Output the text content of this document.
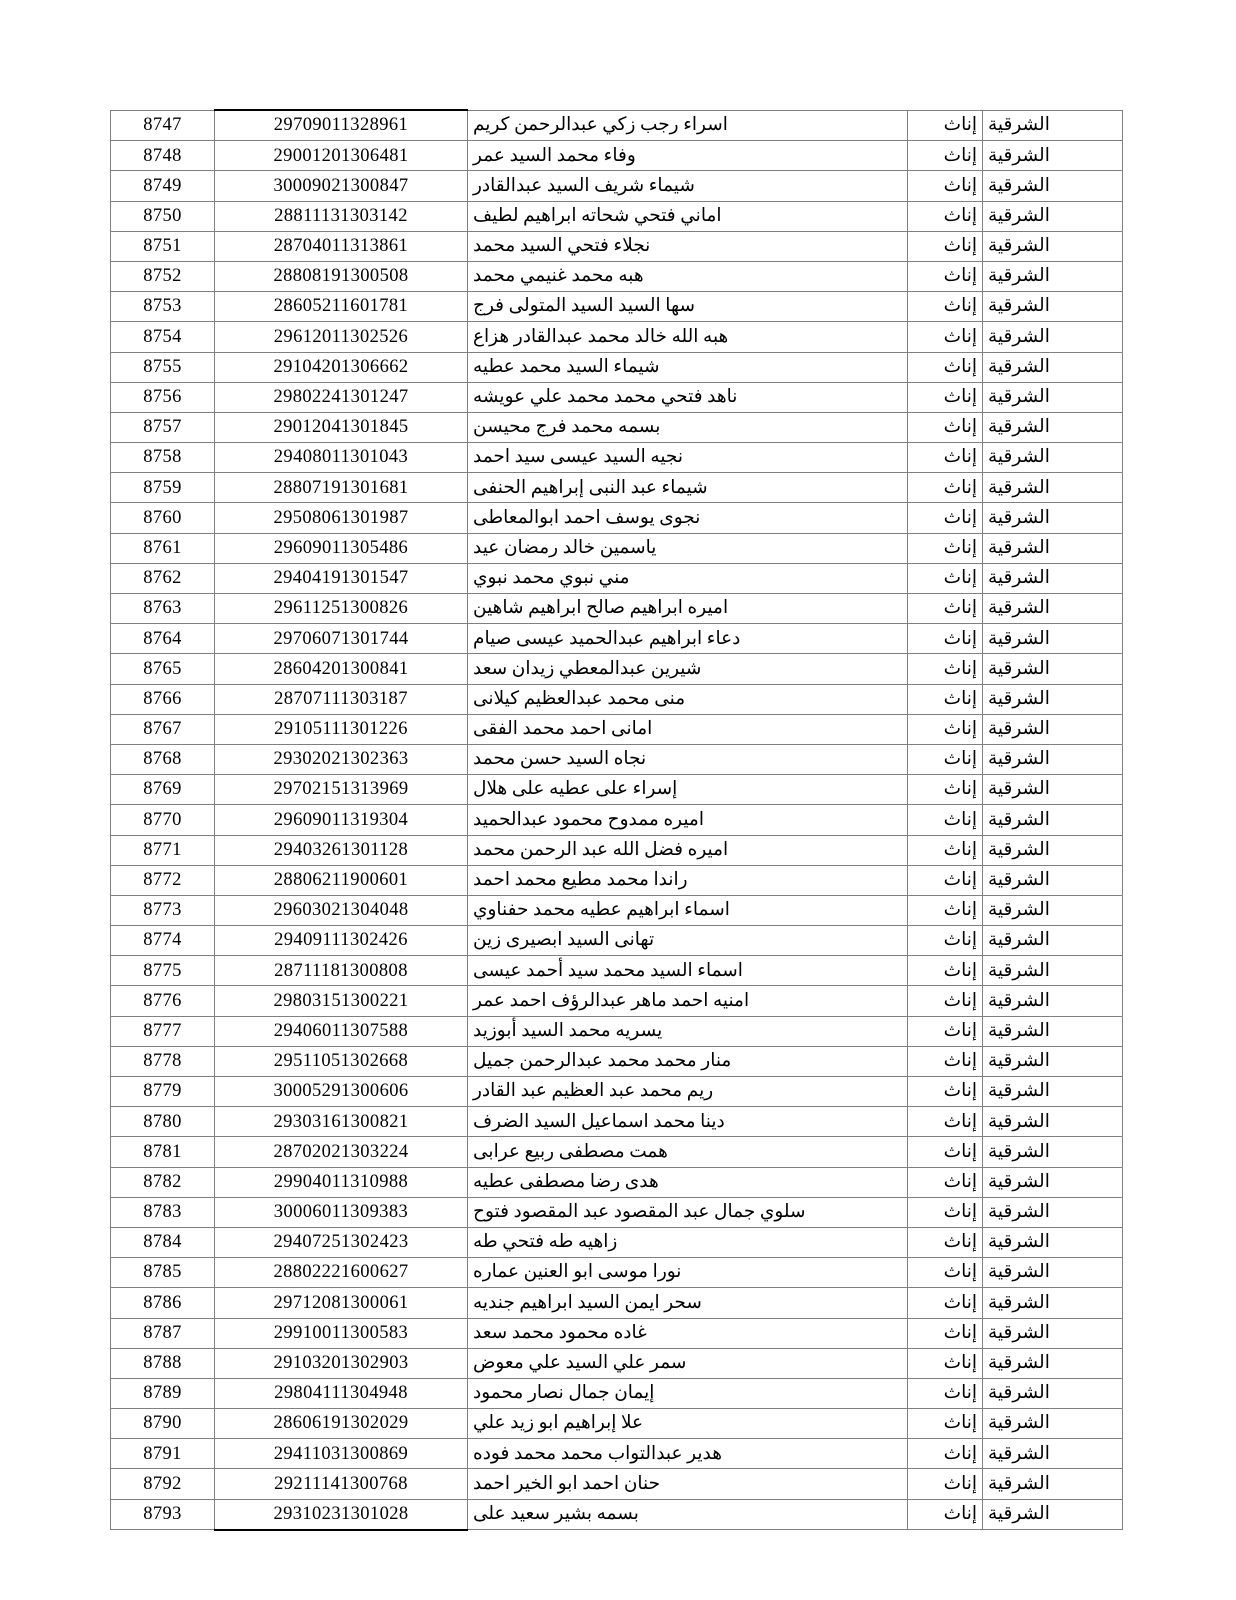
الشرقية	إناث	اسراء رجب زكي عبدالرحمن كريم	29709011328961	8747
الشرقية	إناث	وفاء محمد السيد عمر	29001201306481	8748
الشرقية	إناث	شيماء شريف السيد عبدالقادر	30009021300847	8749
الشرقية	إناث	اماني فتحي شحاته ابراهيم لطيف	28811131303142	8750
الشرقية	إناث	نجلاء فتحي السيد محمد	28704011313861	8751
الشرقية	إناث	هبه محمد غنيمي محمد	28808191300508	8752
الشرقية	إناث	سها السيد السيد المتولى فرج	28605211601781	8753
الشرقية	إناث	هبه الله خالد محمد عبدالقادر هزاع	29612011302526	8754
الشرقية	إناث	شيماء السيد محمد عطيه	29104201306662	8755
الشرقية	إناث	ناهد فتحي محمد محمد علي عويشه	29802241301247	8756
الشرقية	إناث	بسمه محمد فرج محيسن	29012041301845	8757
الشرقية	إناث	نجيه السيد عيسى سيد احمد	29408011301043	8758
الشرقية	إناث	شيماء عبد النبى إبراهيم الحنفى	28807191301681	8759
الشرقية	إناث	نجوى يوسف احمد ابوالمعاطى	29508061301987	8760
الشرقية	إناث	ياسمين خالد رمضان عيد	29609011305486	8761
الشرقية	إناث	مني نبوي محمد نبوي	29404191301547	8762
الشرقية	إناث	اميره ابراهيم صالح ابراهيم شاهين	29611251300826	8763
الشرقية	إناث	دعاء ابراهيم عبدالحميد عيسى صيام	29706071301744	8764
الشرقية	إناث	شيرين عبدالمعطي زيدان سعد	28604201300841	8765
الشرقية	إناث	منى محمد عبدالعظيم كيلانى	28707111303187	8766
الشرقية	إناث	امانى احمد محمد الفقى	29105111301226	8767
الشرقية	إناث	نجاه السيد حسن محمد	29302021302363	8768
الشرقية	إناث	إسراء على عطيه على هلال	29702151313969	8769
الشرقية	إناث	اميره ممدوح محمود عبدالحميد	29609011319304	8770
الشرقية	إناث	اميره فضل الله عبد الرحمن محمد	29403261301128	8771
الشرقية	إناث	راندا محمد مطيع محمد احمد	28806211900601	8772
الشرقية	إناث	اسماء ابراهيم عطيه محمد حفناوي	29603021304048	8773
الشرقية	إناث	تهانى السيد ابصيرى زين	29409111302426	8774
الشرقية	إناث	اسماء السيد محمد سيد أحمد عيسى	28711181300808	8775
الشرقية	إناث	امنيه احمد ماهر عبدالرؤف احمد عمر	29803151300221	8776
الشرقية	إناث	يسريه محمد السيد أبوزيد	29406011307588	8777
الشرقية	إناث	منار محمد محمد عبدالرحمن جميل	29511051302668	8778
الشرقية	إناث	ريم محمد عبد العظيم عبد القادر	30005291300606	8779
الشرقية	إناث	دينا محمد اسماعيل السيد الضرف	29303161300821	8780
الشرقية	إناث	همت مصطفى ربيع عرابى	28702021303224	8781
الشرقية	إناث	هدى رضا مصطفى عطيه	29904011310988	8782
الشرقية	إناث	سلوي جمال عبد المقصود عبد المقصود فتوح	30006011309383	8783
الشرقية	إناث	زاهيه طه فتحي طه	29407251302423	8784
الشرقية	إناث	نورا موسى ابو العنين عماره	28802221600627	8785
الشرقية	إناث	سحر ايمن السيد ابراهيم جنديه	29712081300061	8786
الشرقية	إناث	غاده محمود محمد سعد	29910011300583	8787
الشرقية	إناث	سمر علي السيد علي معوض	29103201302903	8788
الشرقية	إناث	إيمان جمال نصار محمود	29804111304948	8789
الشرقية	إناث	علا إبراهيم ابو زيد علي	28606191302029	8790
الشرقية	إناث	هدير عبدالتواب محمد محمد فوده	29411031300869	8791
الشرقية	إناث	حنان احمد ابو الخير احمد	29211141300768	8792
الشرقية	إناث	بسمه بشير سعيد على	29310231301028	8793
